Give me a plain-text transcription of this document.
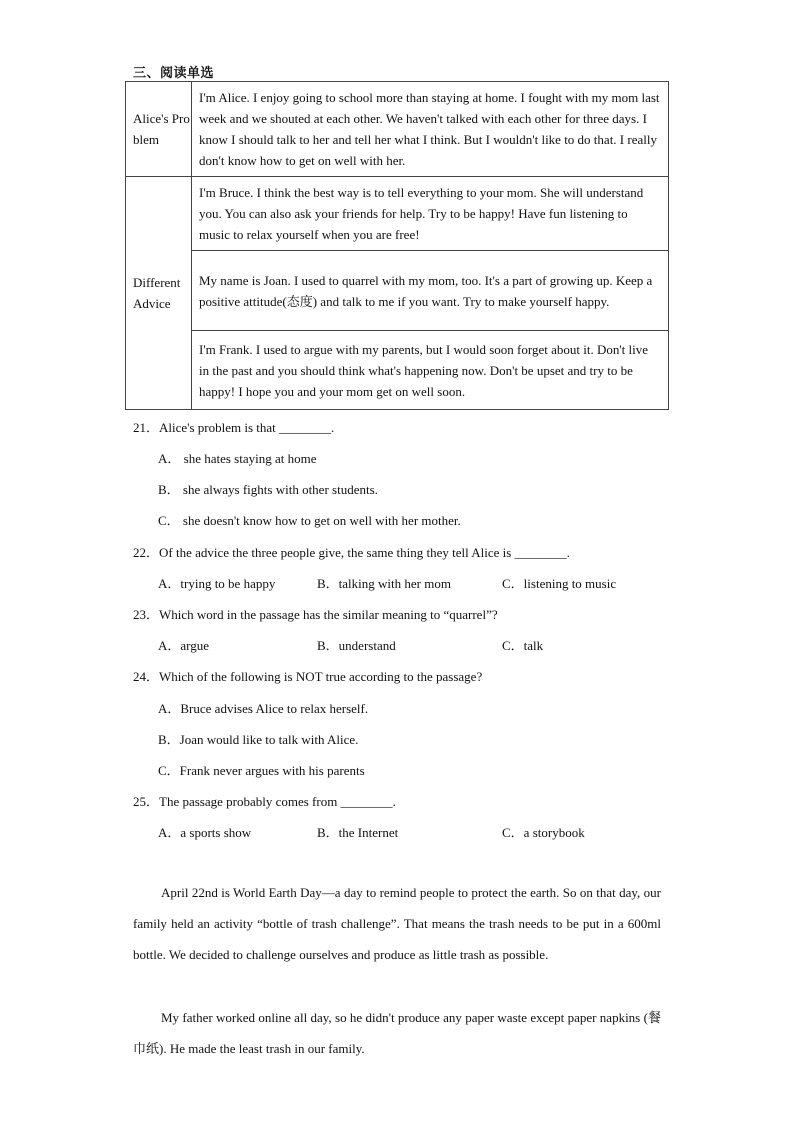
三、阅读单选
Alice's Problem	I'm Alice. I enjoy going to school more than staying at home. I fought with my mom last week and we shouted at each other. We haven't talked with each other for three days. I know I should talk to her and tell her what I think. But I wouldn't like to do that. I really don't know how to get on well with her.
Different Advice	I'm Bruce. I think the best way is to tell everything to your mom. She will understand you. You can also ask your friends for help. Try to be happy! Have fun listening to music to relax yourself when you are free!
	My name is Joan. I used to quarrel with my mom, too. It's a part of growing up. Keep a positive attitude(态度) and talk to me if you want. Try to make yourself happy.
	I'm Frank. I used to argue with my parents, but I would soon forget about it. Don't live in the past and you should think what's happening now. Don't be upset and try to be happy! I hope you and your mom get on well soon.
21．Alice's problem is that ________.
A． she hates staying at home
B． she always fights with other students.
C． she doesn't know how to get on well with her mother.
22．Of the advice the three people give, the same thing they tell Alice is ________.
A．trying to be happy	B．talking with her mom	C．listening to music
23．Which word in the passage has the similar meaning to “quarrel”?
A．argue	B．understand	C．talk
24．Which of the following is NOT true according to the passage?
A．Bruce advises Alice to relax herself.
B．Joan would like to talk with Alice.
C．Frank never argues with his parents
25．The passage probably comes from ________.
A．a sports show	B．the Internet	C．a storybook
April 22nd is World Earth Day—a day to remind people to protect the earth. So on that day, our family held an activity “bottle of trash challenge”. That means the trash needs to be put in a 600ml bottle. We decided to challenge ourselves and produce as little trash as possible.
My father worked online all day, so he didn't produce any paper waste except paper napkins (餐巾纸). He made the least trash in our family.
